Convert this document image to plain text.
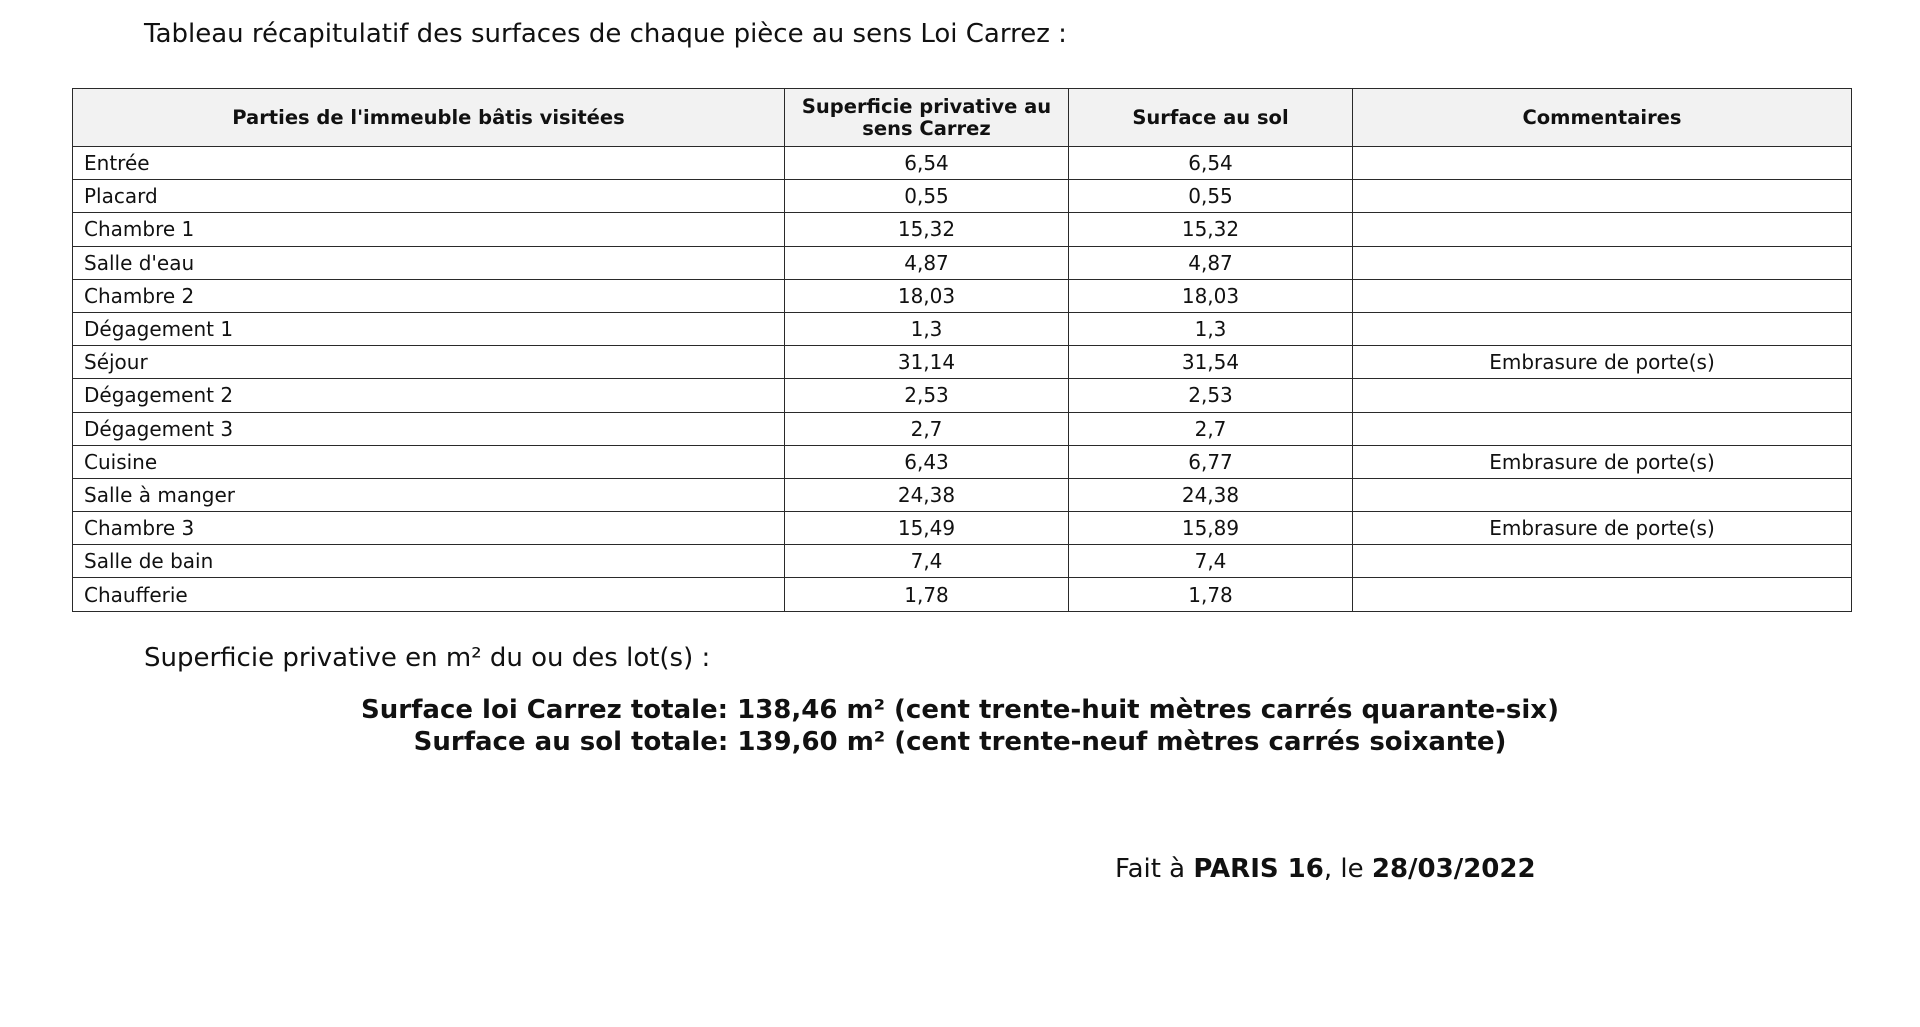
Tableau récapitulatif des surfaces de chaque pièce au sens Loi Carrez :
Parties de l'immeuble bâtis visitées	Superficie privative au sens Carrez	Surface au sol	Commentaires
Entrée	6,54	6,54	
Placard	0,55	0,55	
Chambre 1	15,32	15,32	
Salle d'eau	4,87	4,87	
Chambre 2	18,03	18,03	
Dégagement 1	1,3	1,3	
Séjour	31,14	31,54	Embrasure de porte(s)
Dégagement 2	2,53	2,53	
Dégagement 3	2,7	2,7	
Cuisine	6,43	6,77	Embrasure de porte(s)
Salle à manger	24,38	24,38	
Chambre 3	15,49	15,89	Embrasure de porte(s)
Salle de bain	7,4	7,4	
Chaufferie	1,78	1,78	
Superficie privative en m² du ou des lot(s) :
Surface loi Carrez totale: 138,46 m² (cent trente-huit mètres carrés quarante-six)
Surface au sol totale: 139,60 m² (cent trente-neuf mètres carrés soixante)
Fait à PARIS 16, le 28/03/2022
